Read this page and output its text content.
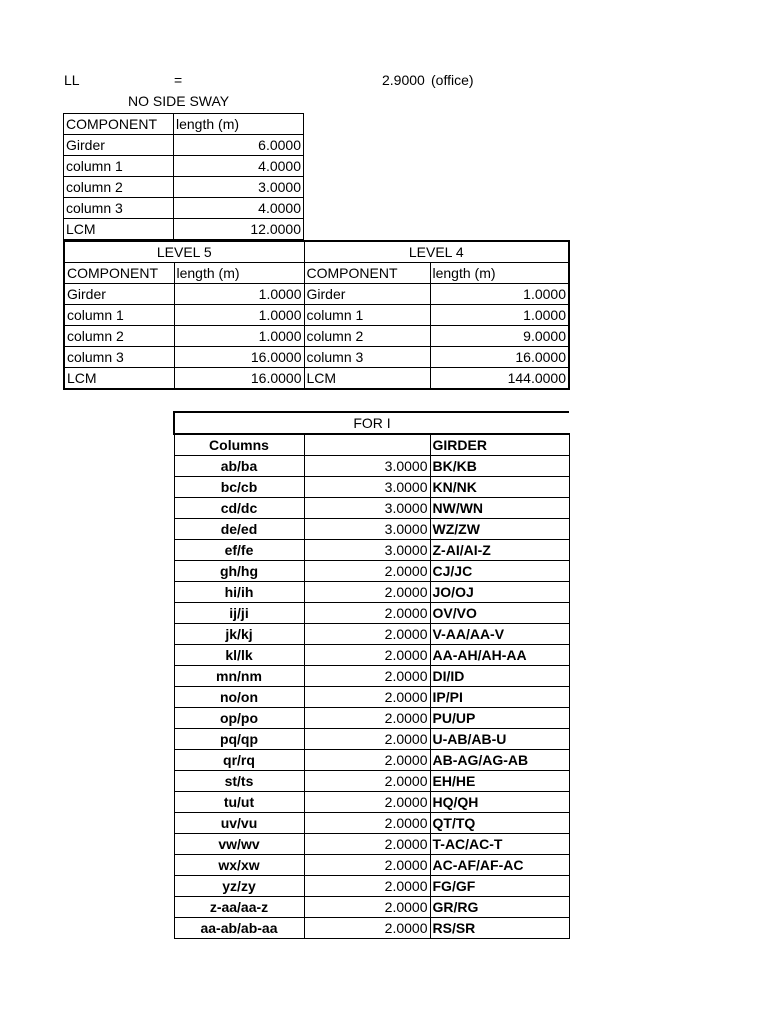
LL	=	2.9000 (office)
NO SIDE SWAY
COMPONENT	length (m)
Girder	6.0000
column 1	4.0000
column 2	3.0000
column 3	4.0000
LCM	12.0000
LEVEL 5		LEVEL 4	
COMPONENT	length (m)	COMPONENT	length (m)
Girder	1.0000	Girder	1.0000
column 1	1.0000	column 1	1.0000
column 2	1.0000	column 2	9.0000
column 3	16.0000	column 3	16.0000
LCM	16.0000	LCM	144.0000
FOR I		
Columns		GIRDER
ab/ba	3.0000	BK/KB
bc/cb	3.0000	KN/NK
cd/dc	3.0000	NW/WN
de/ed	3.0000	WZ/ZW
ef/fe	3.0000	Z-AI/AI-Z
gh/hg	2.0000	CJ/JC
hi/ih	2.0000	JO/OJ
ij/ji	2.0000	OV/VO
jk/kj	2.0000	V-AA/AA-V
kl/lk	2.0000	AA-AH/AH-AA
mn/nm	2.0000	DI/ID
no/on	2.0000	IP/PI
op/po	2.0000	PU/UP
pq/qp	2.0000	U-AB/AB-U
qr/rq	2.0000	AB-AG/AG-AB
st/ts	2.0000	EH/HE
tu/ut	2.0000	HQ/QH
uv/vu	2.0000	QT/TQ
vw/wv	2.0000	T-AC/AC-T
wx/xw	2.0000	AC-AF/AF-AC
yz/zy	2.0000	FG/GF
z-aa/aa-z	2.0000	GR/RG
aa-ab/ab-aa	2.0000	RS/SR
